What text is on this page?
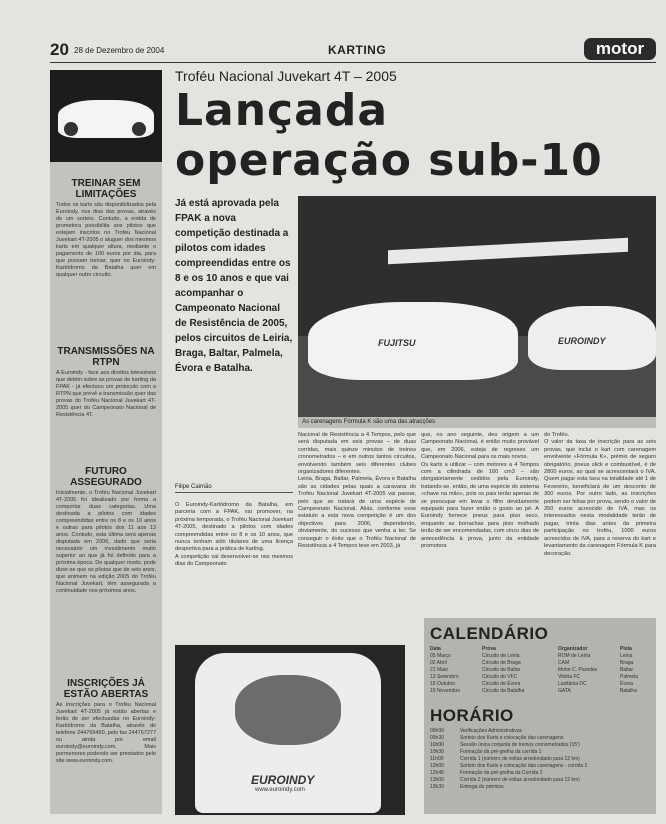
20 28 de Dezembro de 2004	KARTING	motor
TREINAR SEM LIMITAÇÕES
Todos os karts são disponibilizados pela Euroindy, nos dias das provas, através de um sorteio. Contudo, a entida de promotora possibilita aos pilotos que estejam inscritos no Troféu Nacional Juvekart 4T-2005 o aluguer dos mesmos karts em qualquer altura, mediante o pagamento de 100 euros por dia, para que possam treinar, quer no Euroindy-Kartódromo da Batalha quer em qualquer outro circuito.
TRANSMISSÕES NA RTPN
A Euroindy - face aos direitos televisivos que detém sobre as provas de karting da FPAK - já efectuou um protocolo com a RTPN que prevê a transmissão quer das provas do Troféu Nacional Juvekart 4T-2005 quer do Campeonato Nacional de Resistência 4T.
FUTURO ASSEGURADO
Inicialmente, o Troféu Nacional Juvekart 4T-2005 foi idealizado por forma a comportar duas categorias. Uma destinada a pilotos com idades compreendidas entre os 8 e os 10 anos e outras para pilotos dos 11 aos 13 anos. Contudo, esta última será apenas disputada em 2006, dado que seria necessário um investimento muito superior ao que já foi definido para a próxima época. De qualquer modo, pode dizer-se que os pilotos que de seis anos, que animem na edição 2005 do Troféu Nacional Juvekart, têm assegurada a continuidade nos próximos anos.
INSCRIÇÕES JÁ ESTÃO ABERTAS
As inscrições para o Troféu Nacional Juvekart 4T-2005 já estão abertas e terão de ser efectuadas no Euroindy-Kartódromo da Batalha, através do telefone 244769450, pelo fax 244767277 ou ainda por email euroindy@euroindy.com. Mais pormenores podendo ser prestados pelo site www.euroindy.com.
Troféu Nacional Juvekart 4T – 2005
Lançada
operação sub-10
Já está aprovada pela FPAK a nova competição destinada a pilotos com idades compreendidas entre os 8 e os 10 anos e que vai acompanhar o Campeonato Nacional de Resistência de 2005, pelos circuitos de Leiria, Braga, Baltar, Palmela, Évora e Batalha.
Filipe Caimão
FUJITSU	EUROINDY
As carenagens Fórmula K são uma das atracções
O Euroindy-Kartódromo da Batalha, em parceria com a FPAK, vai promover, na próxima temporada, o Troféu Nacional Juvekart 4T-2005, destinado a pilotos com idades compreendidas entre os 8 e os 10 anos, que nunca tenham sido titulares de uma licença desportiva para a prática de karting.
A competição vai desenvolver-se nos mesmos dias do Campeonato
Nacional de Resistência a 4 Tempos, pelo que será disputada em seis provas – de duas corridas, mais quinze minutos de treinos cronometrados – e em outros tantos circuitos, envolvendo também seis diferentes clubes organizadores diferentes.
Leiria, Braga, Baltar, Palmela, Évora e Batalha são as cidades pelas quais a caravana do Troféu Nacional Juvekart 4T-2005 vai passar, pelo que se tratará de uma espécie de Campeonato Nacional. Aliás, conforme esse estatuto a esta nova competição é um dos objectivos para 2006, dependendo, obviamente, do sucesso que venha a ter. Se conseguir o êxito que o Troféu Nacional de Resistência a 4 Tempos teve em 2003, já
que, no ano seguinte, deu origem a um Campeonato Nacional, é então muito provável que, em 2006, esteja de regresso um Campeonato Nacional para os mais novos.
Os karts a utilizar – com motores a 4 Tempos com a cilindrada de 160 cm3 – são obrigatoriamente cedidos pela Euroindy, tratando-se, então, de uma espécie do sistema «chave na mão», pois os pais terão apenas de se preocupar em levar o filho devidamente equipado para fazer então o gosto ao pé. A Euroindy fornece pneus para piso seco, enquanto as borrachas para piso molhado terão de ser encomendadas, com cinco dias de antecedência à prova, junto da entidade promotora
do Troféu.
O valor da taxa de inscrição para as seis provas, que inclui o kart com carenagem envolvente «Fórmula K», prémio de seguro obrigatório, pneus slick e combustível, é de 2800 euros, ao qual se acrescentará o IVA. Quem pagar esta taxa na totalidade até 1 de Fevereiro, beneficiará de um desconto de 300 euros. Por outro lado, as inscrições podem ser feitas por prova, sendo o valor de 350 euros acrescido de IVA, mas os interessados nesta modalidade terão de pagar, trinta dias antes da primeira participação no troféu, 1000 euros acrescidos de IVA, para a reserva do kart e levantamento da carenagem Fórmula K para decoração.
EUROINDY
www.euroindy.com
CALENDÁRIO
Data	Prova	Organizador	Pista
05 Março	Circuito de Leiria	ROM de Leiria	Leiria
02 Abril	Circuito de Braga	CAM	Braga
21 Maio	Circuito de Baltar	Motor C. Paredes	Baltar
13 Setembro	Circuito do VFC	Vitória FC	Palmela
15 Outubro	Circuito de Évora	Lusitânia DC	Évora
19 Novembro	Circuito da Batalha	GATA	Batalha
HORÁRIO
09h00	Verificações Administrativas
09h30	Sorteio dos Karts e colocação das carenagens
10h00	Sessão única conjunta de treinos cronometrados (15')
10h30	Formação da pré-grelha da corrida 1
11h00	Corrida 1 (número de voltas arredondado para 12 km)
12h00	Sorteio dos Karts e colocação das carenagens - corrida 2
12h45	Formação da pré-grelha da Corrida 2
13h00	Corrida 2 (número de voltas arredondado para 12 km)
13h30	Entrega de prémios
